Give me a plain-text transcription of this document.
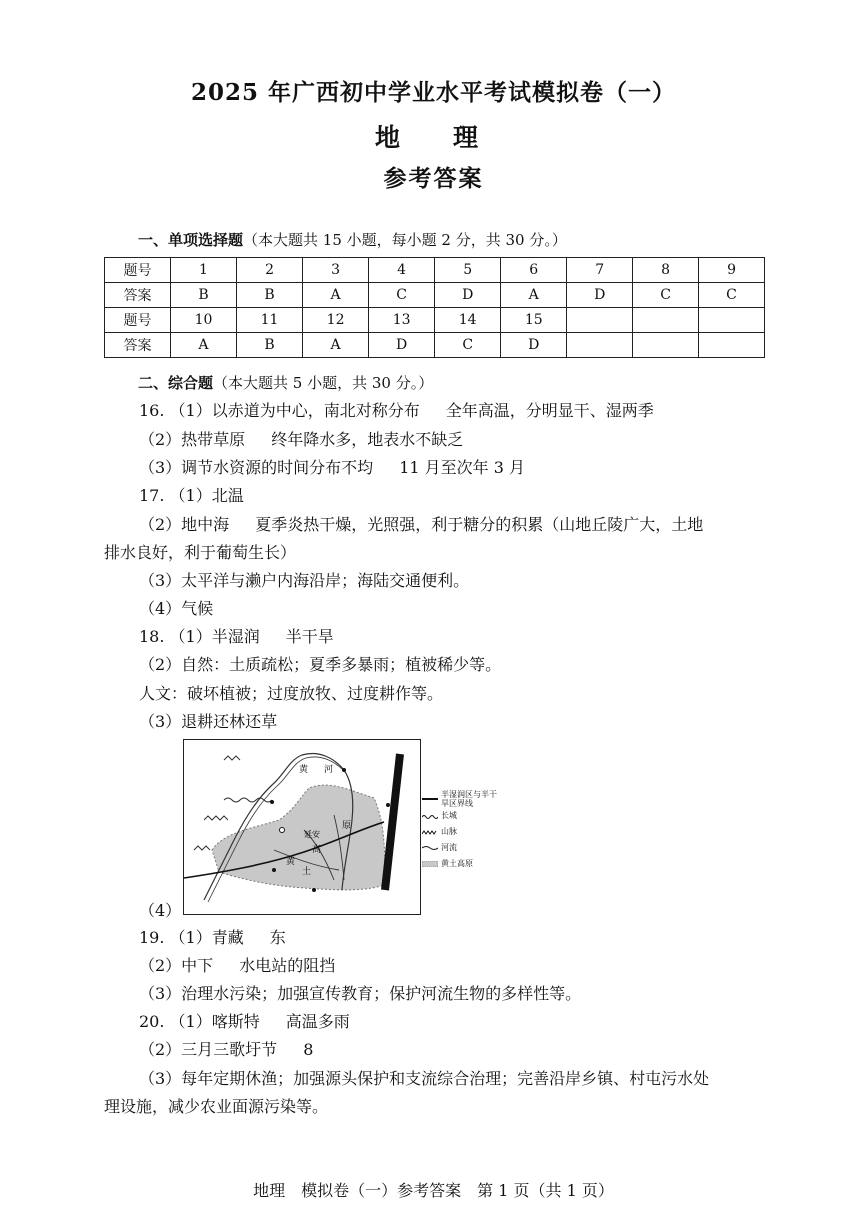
2025 年广西初中学业水平考试模拟卷（一）
地　理
参考答案
一、单项选择题（本大题共 15 小题，每小题 2 分，共 30 分。）
题号	1	2	3	4	5	6	7	8	9
答案	B	B	A	C	D	A	D	C	C
题号	10	11	12	13	14	15			
答案	A	B	A	D	C	D			
二、综合题（本大题共 5 小题，共 30 分。）
16. （1）以赤道为中心，南北对称分布 全年高温，分明显干、湿两季
（2）热带草原 终年降水多，地表水不缺乏
（3）调节水资源的时间分布不均 11 月至次年 3 月
17. （1）北温
（2）地中海 夏季炎热干燥，光照强，利于糖分的积累（山地丘陵广大，土地
排水良好，利于葡萄生长）
（3）太平洋与濑户内海沿岸；海陆交通便利。
（4）气候
18. （1）半湿润 半干旱
（2）自然：土质疏松；夏季多暴雨；植被稀少等。
人文：破坏植被；过度放牧、过度耕作等。
（3）退耕还林还草
（4）
黄 河
延安
原
高
土
黄
半湿润区与半干旱区界线
长城
山脉
河流
黄土高原
19. （1）青藏 东
（2）中下 水电站的阻挡
（3）治理水污染；加强宣传教育；保护河流生物的多样性等。
20. （1）喀斯特 高温多雨
（2）三月三歌圩节 8
（3）每年定期休渔；加强源头保护和支流综合治理；完善沿岸乡镇、村屯污水处
理设施，减少农业面源污染等。
地理　模拟卷（一）参考答案　第 1 页（共 1 页）
